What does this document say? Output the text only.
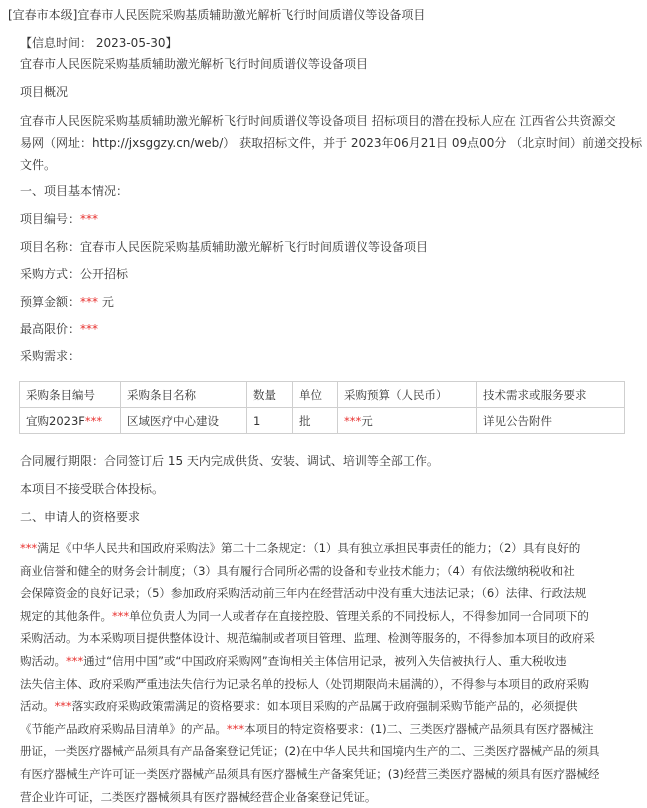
[宜春市本级]宜春市人民医院采购基质辅助激光解析飞行时间质谱仪等设备项目
【信息时间： 2023-05-30】
宜春市人民医院采购基质辅助激光解析飞行时间质谱仪等设备项目
项目概况
宜春市人民医院采购基质辅助激光解析飞行时间质谱仪等设备项目 招标项目的潜在投标人应在 江西省公共资源交
易网（网址：http://jxsggzy.cn/web/） 获取招标文件，并于 2023年06月21日 09点00分 （北京时间）前递交投标
文件。
一、项目基本情况：
项目编号：***
项目名称：宜春市人民医院采购基质辅助激光解析飞行时间质谱仪等设备项目
采购方式：公开招标
预算金额：*** 元
最高限价：***
采购需求：
采购条目编号	采购条目名称	数量	单位	采购预算（人民币）	技术需求或服务要求
宜购2023F***	区域医疗中心建设	1	批	***元	详见公告附件
合同履行期限：合同签订后 15 天内完成供货、安装、调试、培训等全部工作。
本项目不接受联合体投标。
二、申请人的资格要求
***满足《中华人民共和国政府采购法》第二十二条规定：（1）具有独立承担民事责任的能力；（2）具有良好的
商业信誉和健全的财务会计制度；（3）具有履行合同所必需的设备和专业技术能力；（4）有依法缴纳税收和社
会保障资金的良好记录；（5）参加政府采购活动前三年内在经营活动中没有重大违法记录；（6）法律、行政法规
规定的其他条件。***单位负责人为同一人或者存在直接控股、管理关系的不同投标人，不得参加同一合同项下的
采购活动。为本采购项目提供整体设计、规范编制或者项目管理、监理、检测等服务的，不得参加本项目的政府采
购活动。***通过“信用中国”或“中国政府采购网”查询相关主体信用记录，被列入失信被执行人、重大税收违
法失信主体、政府采购严重违法失信行为记录名单的投标人（处罚期限尚未届满的），不得参与本项目的政府采购
活动。***落实政府采购政策需满足的资格要求：如本项目采购的产品属于政府强制采购节能产品的，必须提供
《节能产品政府采购品目清单》的产品。***本项目的特定资格要求：(1)二、三类医疗器械产品须具有医疗器械注
册证，一类医疗器械产品须具有产品备案登记凭证；(2)在中华人民共和国境内生产的二、三类医疗器械产品的须具
有医疗器械生产许可证一类医疗器械产品须具有医疗器械生产备案凭证；(3)经营三类医疗器械的须具有医疗器械经
营企业许可证，二类医疗器械须具有医疗器械经营企业备案登记凭证。
